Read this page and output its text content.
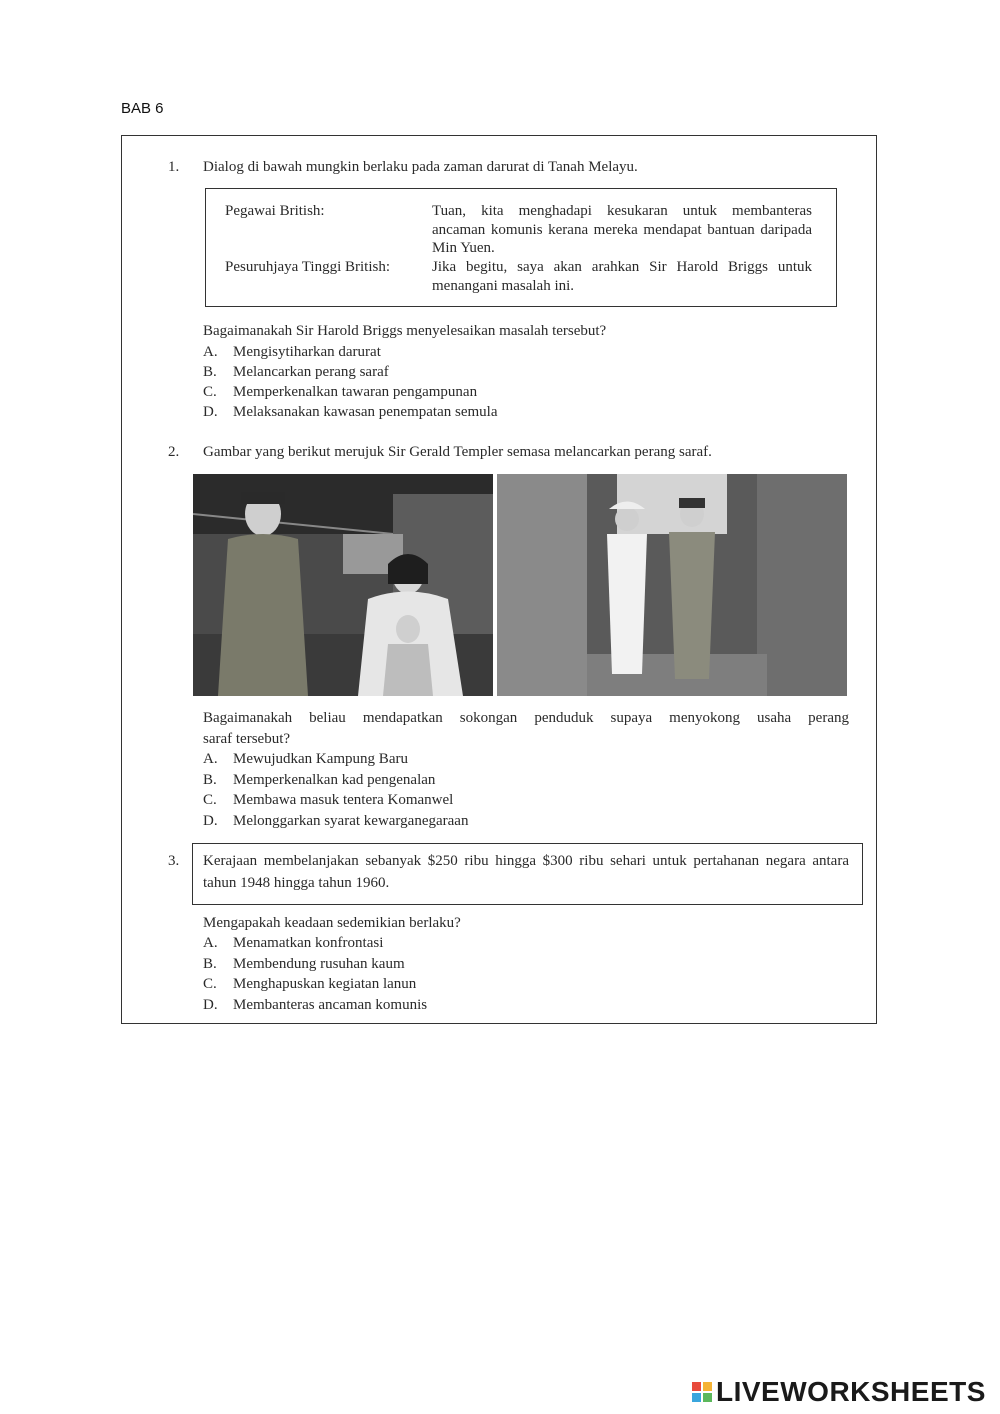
BAB 6
1. Dialog di bawah mungkin berlaku pada zaman darurat di Tanah Melayu.
Pegawai British:	Tuan, kita menghadapi kesukaran untuk membanteras ancaman komunis kerana mereka mendapat bantuan daripada Min Yuen.
Pesuruhjaya Tinggi British:	Jika begitu, saya akan arahkan Sir Harold Briggs untuk menangani masalah ini.
Bagaimanakah Sir Harold Briggs menyelesaikan masalah tersebut?
A. Mengisytiharkan darurat
B. Melancarkan perang saraf
C. Memperkenalkan tawaran pengampunan
D. Melaksanakan kawasan penempatan semula
2. Gambar yang berikut merujuk Sir Gerald Templer semasa melancarkan perang saraf.
Bagaimanakah beliau mendapatkan sokongan penduduk supaya menyokong usaha perang
saraf tersebut?
A. Mewujudkan Kampung Baru
B. Memperkenalkan kad pengenalan
C. Membawa masuk tentera Komanwel
D. Melonggarkan syarat kewarganegaraan
3. Kerajaan membelanjakan sebanyak $250 ribu hingga $300 ribu sehari untuk pertahanan negara antara tahun 1948 hingga tahun 1960.
Mengapakah keadaan sedemikian berlaku?
A. Menamatkan konfrontasi
B. Membendung rusuhan kaum
C. Menghapuskan kegiatan lanun
D. Membanteras ancaman komunis
LIVEWORKSHEETS
